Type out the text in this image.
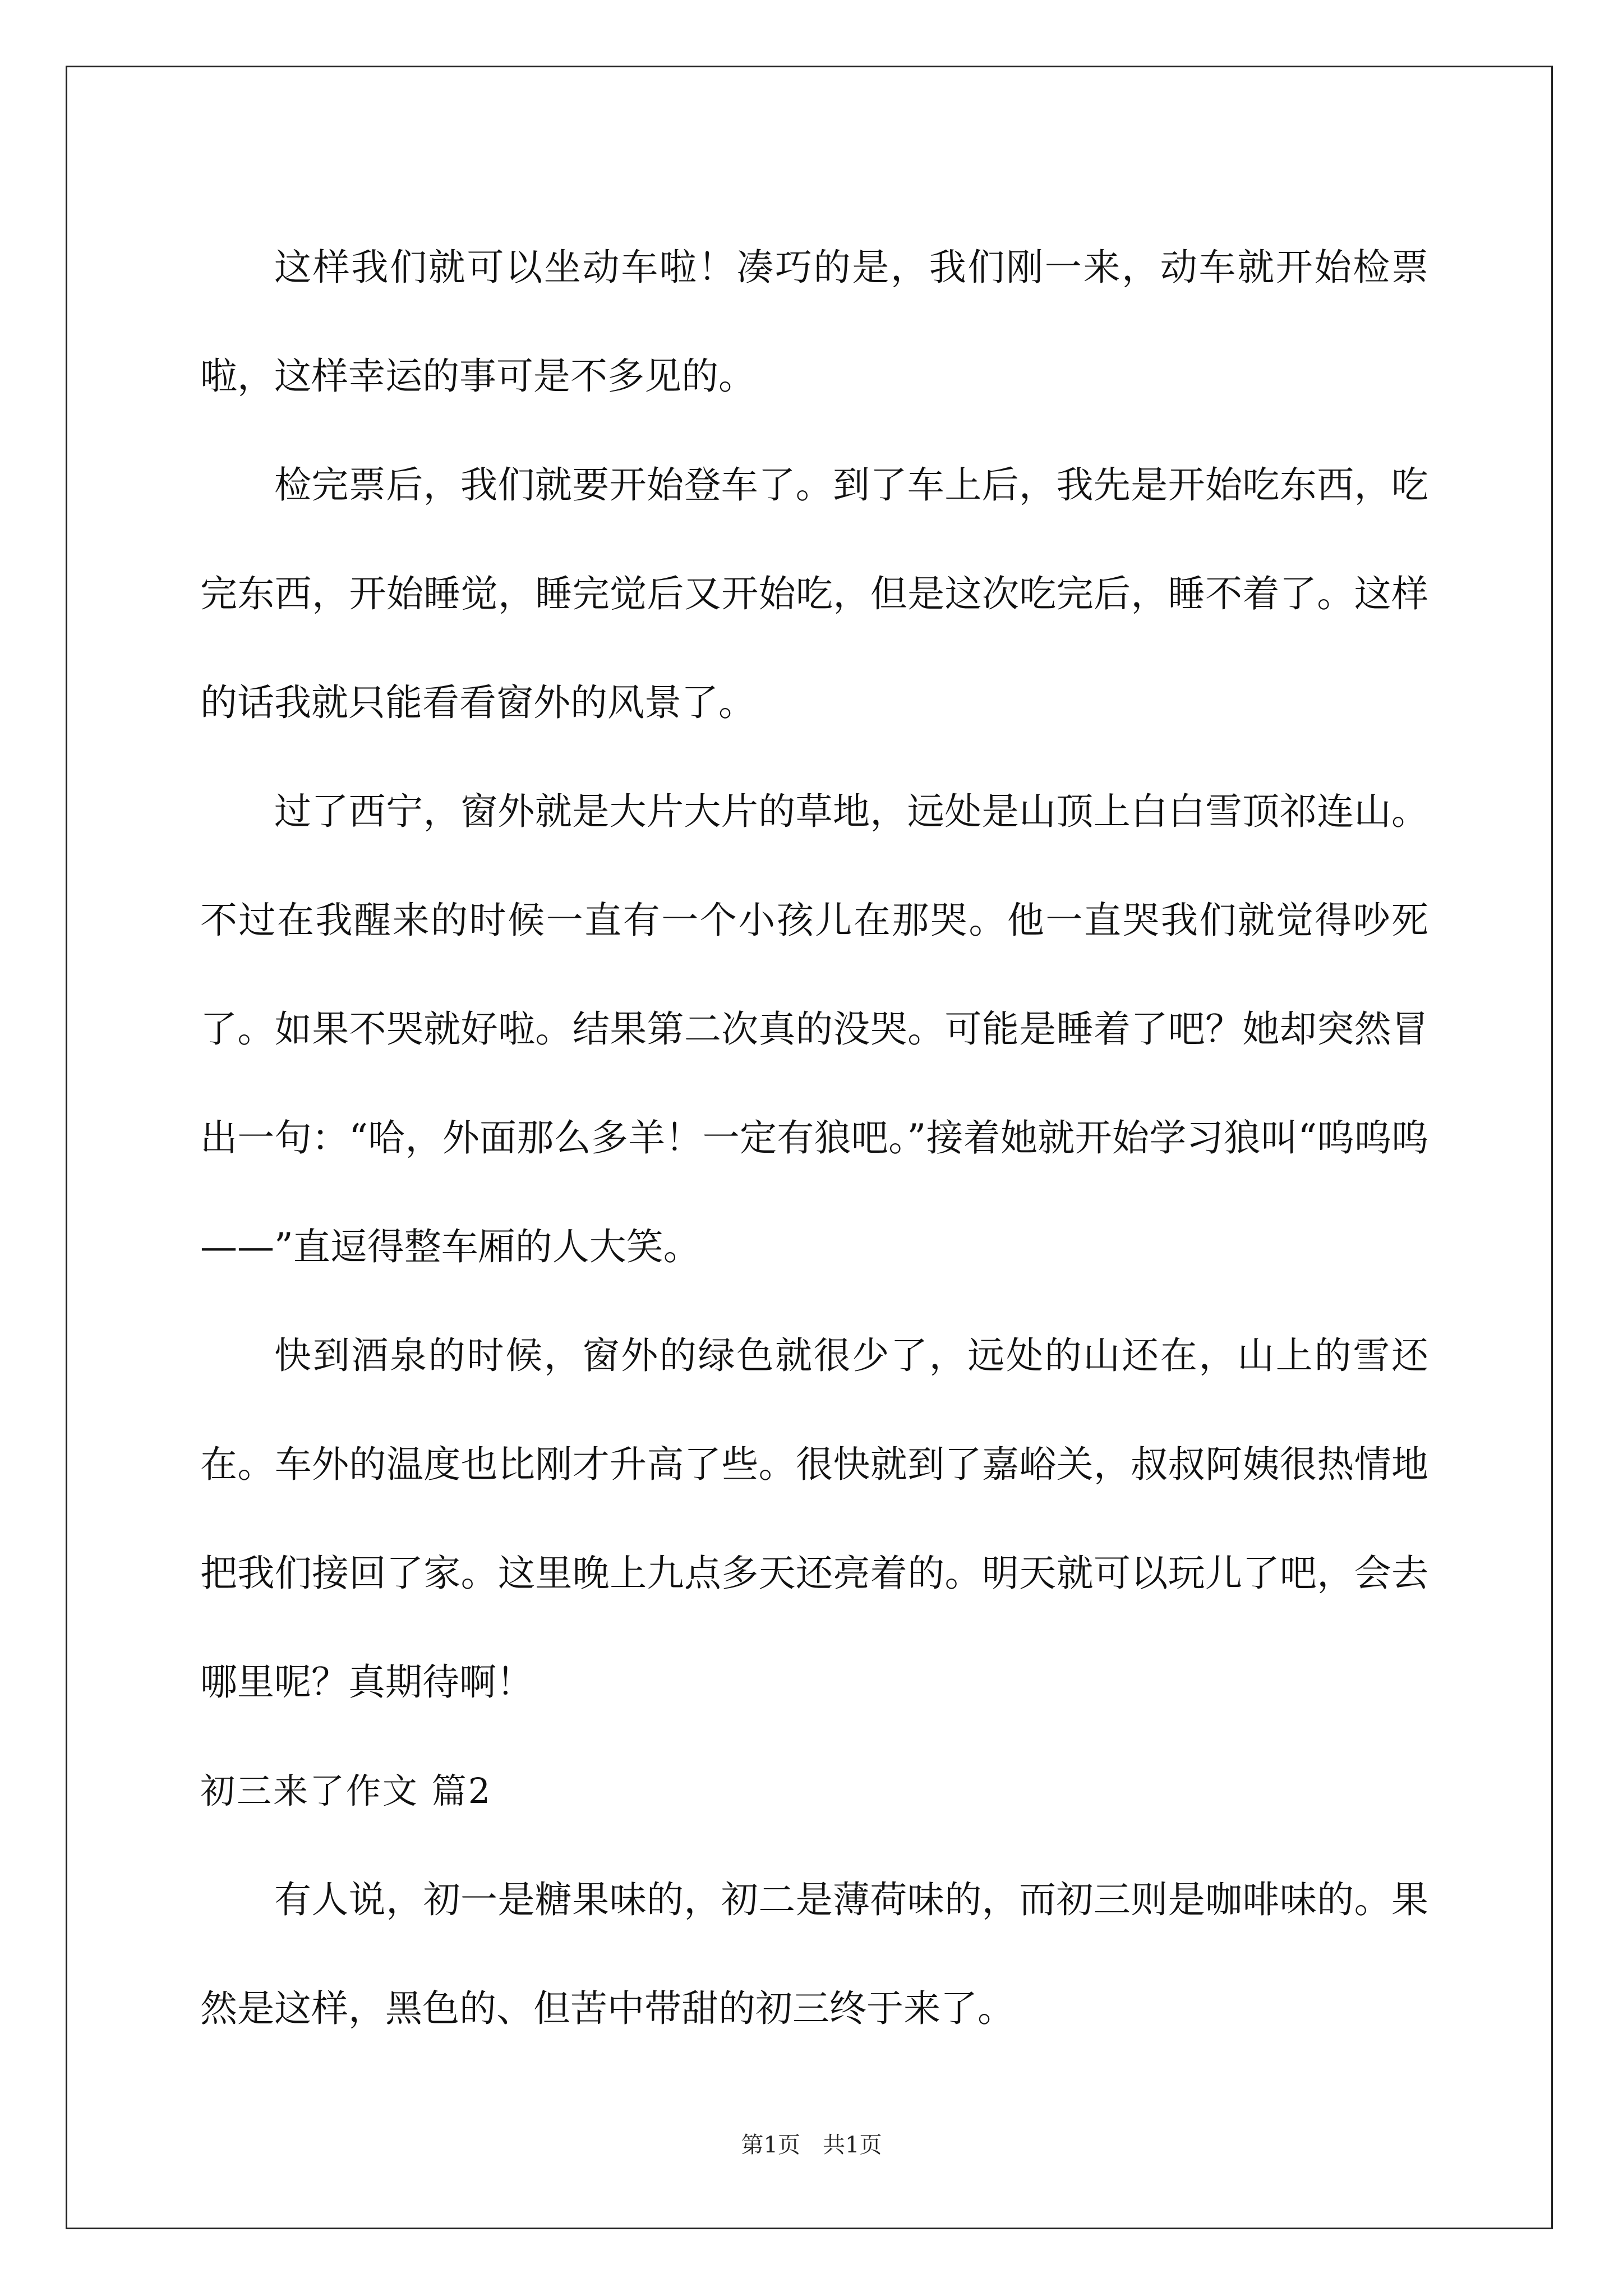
这样我们就可以坐动车啦！凑巧的是，我们刚一来，动车就开始检票啦，这样幸运的事可是不多见的。

检完票后，我们就要开始登车了。到了车上后，我先是开始吃东西，吃完东西，开始睡觉，睡完觉后又开始吃，但是这次吃完后，睡不着了。这样的话我就只能看看窗外的风景了。

过了西宁，窗外就是大片大片的草地，远处是山顶上白白雪顶祁连山。不过在我醒来的时候一直有一个小孩儿在那哭。他一直哭我们就觉得吵死了。如果不哭就好啦。结果第二次真的没哭。可能是睡着了吧？她却突然冒出一句：“哈，外面那么多羊！一定有狼吧。”接着她就开始学习狼叫“呜呜呜——”直逗得整车厢的人大笑。

快到酒泉的时候，窗外的绿色就很少了，远处的山还在，山上的雪还在。车外的温度也比刚才升高了些。很快就到了嘉峪关，叔叔阿姨很热情地把我们接回了家。这里晚上九点多天还亮着的。明天就可以玩儿了吧，会去哪里呢？真期待啊！

初三来了作文 篇2

有人说，初一是糖果味的，初二是薄荷味的，而初三则是咖啡味的。果然是这样，黑色的、但苦中带甜的初三终于来了。

第1页　共1页
